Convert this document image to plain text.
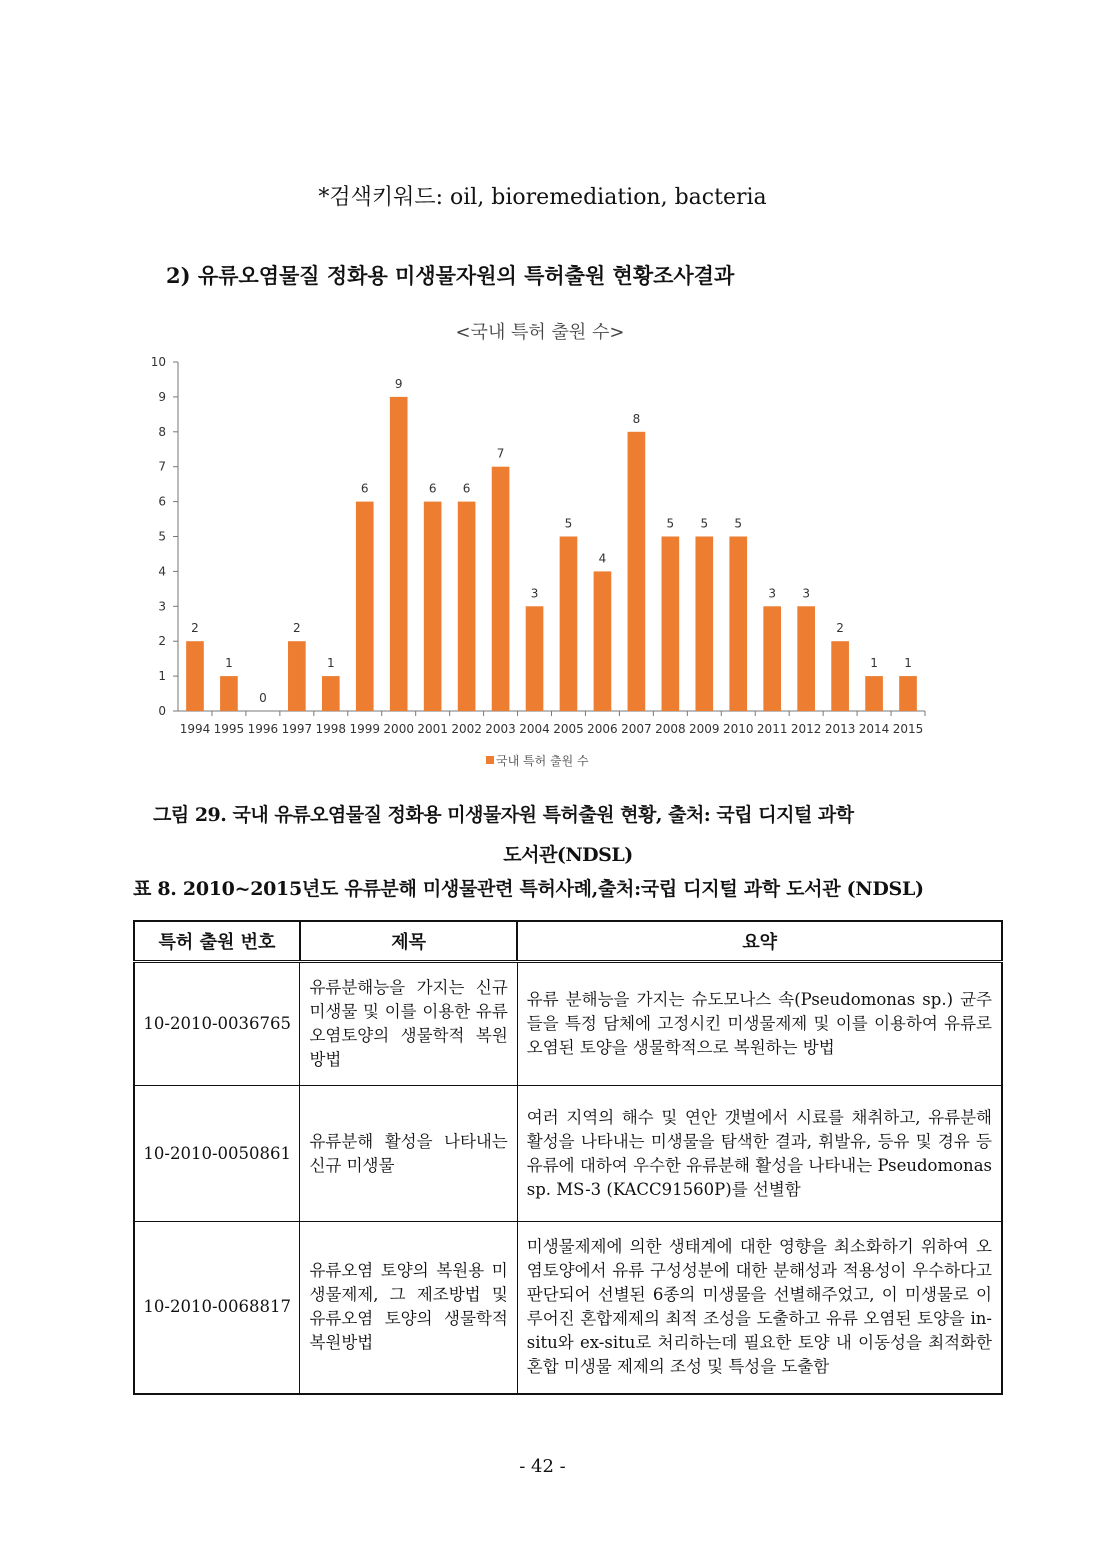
*검색키워드: oil, bioremediation, bacteria
2) 유류오염물질 정화용 미생물자원의 특허출원 현황조사결과
<국내 특허 출원 수>
0
1
2
3
4
5
6
7
8
9
10
1994 1995 1996 1997 1998 1999 2000 2001 2002 2003 2004 2005 2006 2007 2008 2009 2010 2011 2012 2013 2014 2015
2
1
0
2
1
6
9
6 6
7
3
5
4
8
5 5 5
3 3
2
1 1
국내 특허 출원 수
그림 29. 국내 유류오염물질 정화용 미생물자원 특허출원 현황, 출처: 국립 디지털 과학
도서관(NDSL)
표 8. 2010~2015년도 유류분해 미생물관련 특허사례,출처:국립 디지털 과학 도서관 (NDSL)
특허 출원 번호	제목	요약
10-2010-0036765	유류분해능을 가지는 신규 미생물 및 이를 이용한 유류 오염토양의 생물학적 복원 방법	유류 분해능을 가지는 슈도모나스 속(Pseudomonas sp.) 균주들을 특정 담체에 고정시킨 미생물제제 및 이를 이용하여 유류로 오염된 토양을 생물학적으로 복원하는 방법
10-2010-0050861	유류분해 활성을 나타내는 신규 미생물	여러 지역의 해수 및 연안 갯벌에서 시료를 채취하고, 유류분해 활성을 나타내는 미생물을 탐색한 결과, 휘발유, 등유 및 경유 등 유류에 대하여 우수한 유류분해 활성을 나타내는 Pseudomonas sp. MS-3 (KACC91560P)를 선별함
10-2010-0068817	유류오염 토양의 복원용 미생물제제, 그 제조방법 및 유류오염 토양의 생물학적 복원방법	미생물제제에 의한 생태계에 대한 영향을 최소화하기 위하여 오염토양에서 유류 구성성분에 대한 분해성과 적용성이 우수하다고 판단되어 선별된 6종의 미생물을 선별해주었고, 이 미생물로 이루어진 혼합제제의 최적 조성을 도출하고 유류 오염된 토양을 in-situ와 ex-situ로 처리하는데 필요한 토양 내 이동성을 최적화한 혼합 미생물 제제의 조성 및 특성을 도출함
- 42 -
